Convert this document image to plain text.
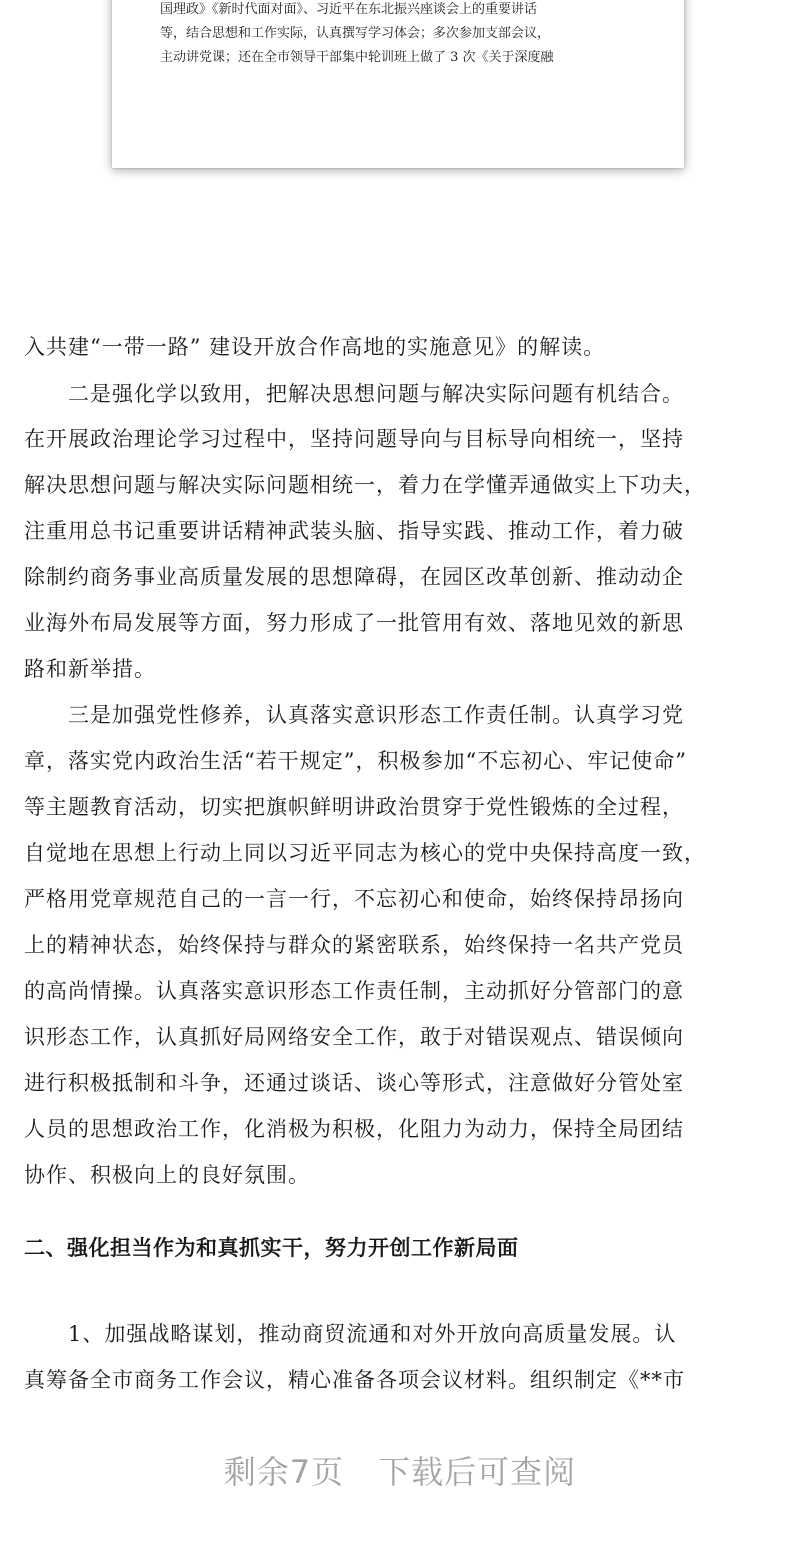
国理政》《新时代面对面》、习近平在东北振兴座谈会上的重要讲话
等，结合思想和工作实际，认真撰写学习体会；多次参加支部会议，
主动讲党课；还在全市领导干部集中轮训班上做了 3 次《关于深度融
入共建“一带一路” 建设开放合作高地的实施意见》的解读。
　　二是强化学以致用，把解决思想问题与解决实际问题有机结合。
在开展政治理论学习过程中，坚持问题导向与目标导向相统一，坚持
解决思想问题与解决实际问题相统一，着力在学懂弄通做实上下功夫，
注重用总书记重要讲话精神武装头脑、指导实践、推动工作，着力破
除制约商务事业高质量发展的思想障碍，在园区改革创新、推动动企
业海外布局发展等方面，努力形成了一批管用有效、落地见效的新思
路和新举措。
　　三是加强党性修养，认真落实意识形态工作责任制。认真学习党
章，落实党内政治生活“若干规定”，积极参加“不忘初心、牢记使命”
等主题教育活动，切实把旗帜鲜明讲政治贯穿于党性锻炼的全过程，
自觉地在思想上行动上同以习近平同志为核心的党中央保持高度一致，
严格用党章规范自己的一言一行，不忘初心和使命，始终保持昂扬向
上的精神状态，始终保持与群众的紧密联系，始终保持一名共产党员
的高尚情操。认真落实意识形态工作责任制，主动抓好分管部门的意
识形态工作，认真抓好局网络安全工作，敢于对错误观点、错误倾向
进行积极抵制和斗争，还通过谈话、谈心等形式，注意做好分管处室
人员的思想政治工作，化消极为积极，化阻力为动力，保持全局团结
协作、积极向上的良好氛围。
　　1、加强战略谋划，推动商贸流通和对外开放向高质量发展。认
真筹备全市商务工作会议，精心准备各项会议材料。组织制定《**市
二、强化担当作为和真抓实干，努力开创工作新局面
剩余7页 下载后可查阅
